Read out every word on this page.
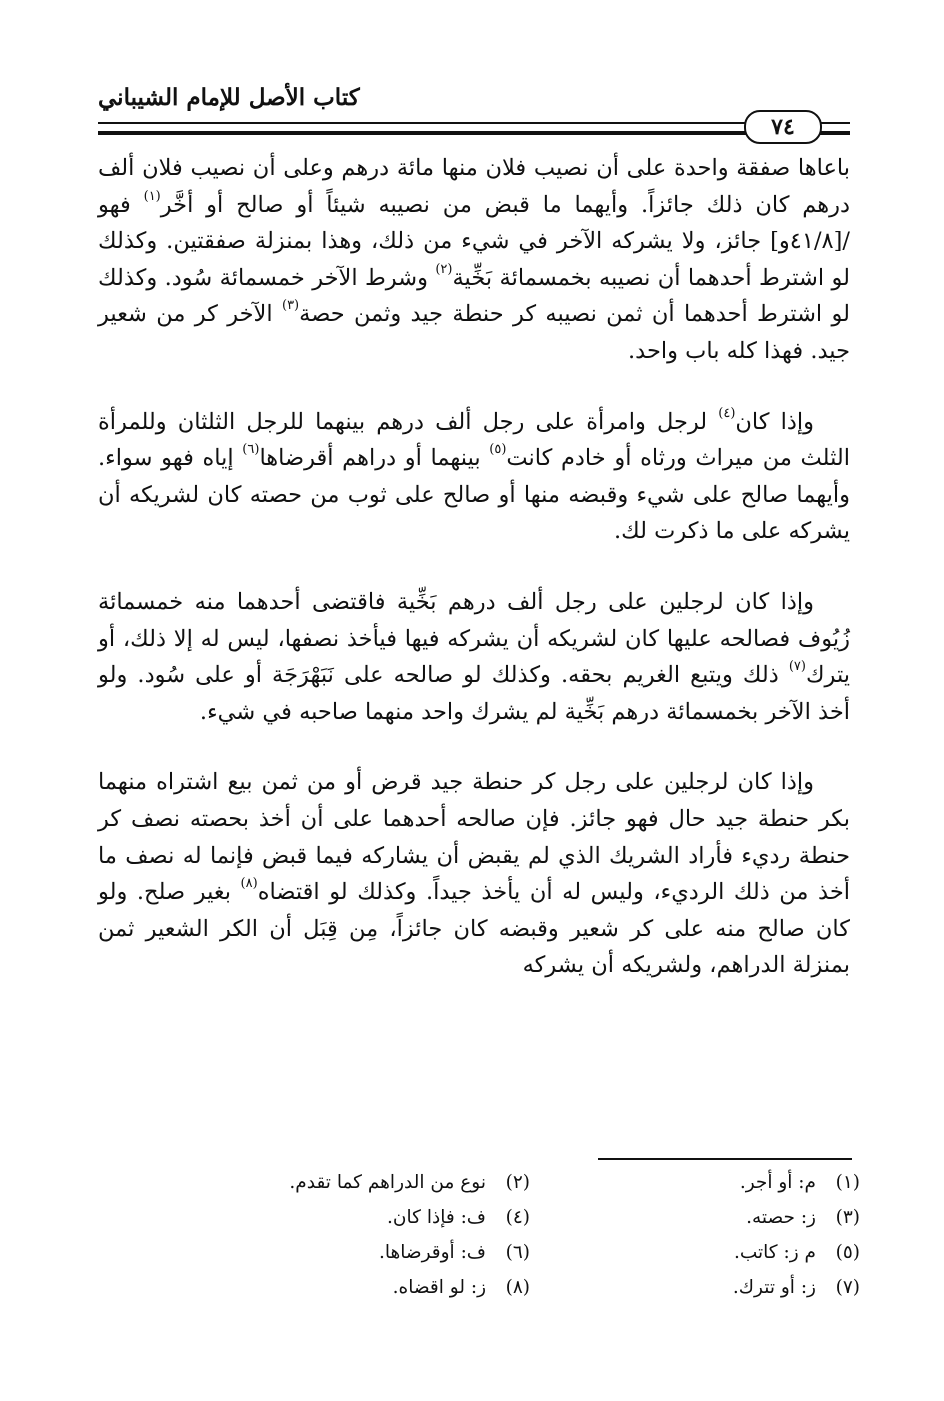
كتاب الأصل للإمام الشيباني
٧٤

باعاها صفقة واحدة على أن نصيب فلان منها مائة درهم وعلى أن نصيب فلان ألف درهم كان ذلك جائزاً. وأيهما ما قبض من نصيبه شيئاً أو صالح أو أخَّر$^{(١)}$ فهو /[٤١/٨و] جائز، ولا يشركه الآخر في شيء من ذلك، وهذا بمنزلة صفقتين. وكذلك لو اشترط أحدهما أن نصيبه بخمسمائة بَخِّية$^{(٢)}$ وشرط الآخر خمسمائة سُود. وكذلك لو اشترط أحدهما أن ثمن نصيبه كر حنطة جيد وثمن حصة$^{(٣)}$ الآخر كر من شعير جيد. فهذا كله باب واحد.

وإذا كان$^{(٤)}$ لرجل وامرأة على رجل ألف درهم بينهما للرجل الثلثان وللمرأة الثلث من ميراث ورثاه أو خادم كانت$^{(٥)}$ بينهما أو دراهم أقرضاها$^{(٦)}$ إياه فهو سواء. وأيهما صالح على شيء وقبضه منها أو صالح على ثوب من حصته كان لشريكه أن يشركه على ما ذكرت لك.

وإذا كان لرجلين على رجل ألف درهم بَخِّية فاقتضى أحدهما منه خمسمائة زُيُوف فصالحه عليها كان لشريكه أن يشركه فيها فيأخذ نصفها، ليس له إلا ذلك، أو يترك$^{(٧)}$ ذلك ويتبع الغريم بحقه. وكذلك لو صالحه على نَبَهْرَجَة أو على سُود. ولو أخذ الآخر بخمسمائة درهم بَخِّية لم يشرك واحد منهما صاحبه في شيء.

وإذا كان لرجلين على رجل كر حنطة جيد قرض أو من ثمن بيع اشتراه منهما بكر حنطة جيد حال فهو جائز. فإن صالحه أحدهما على أن أخذ بحصته نصف كر حنطة رديء فأراد الشريك الذي لم يقبض أن يشاركه فيما قبض فإنما له نصف ما أخذ من ذلك الرديء، وليس له أن يأخذ جيداً. وكذلك لو اقتضاه$^{(٨)}$ بغير صلح. ولو كان صالح منه على كر شعير وقبضه كان جائزاً، مِن قِبَل أن الكر الشعير ثمن بمنزلة الدراهم، ولشريكه أن يشركه

(١)م: أو أجر.
(٢)نوع من الدراهم كما تقدم.
(٣)ز: حصته.
(٤)ف: فإذا كان.
(٥)م ز: كاتب.
(٦)ف: أوقرضاها.
(٧)ز: أو تترك.
(٨)ز: لو اقضاه.
